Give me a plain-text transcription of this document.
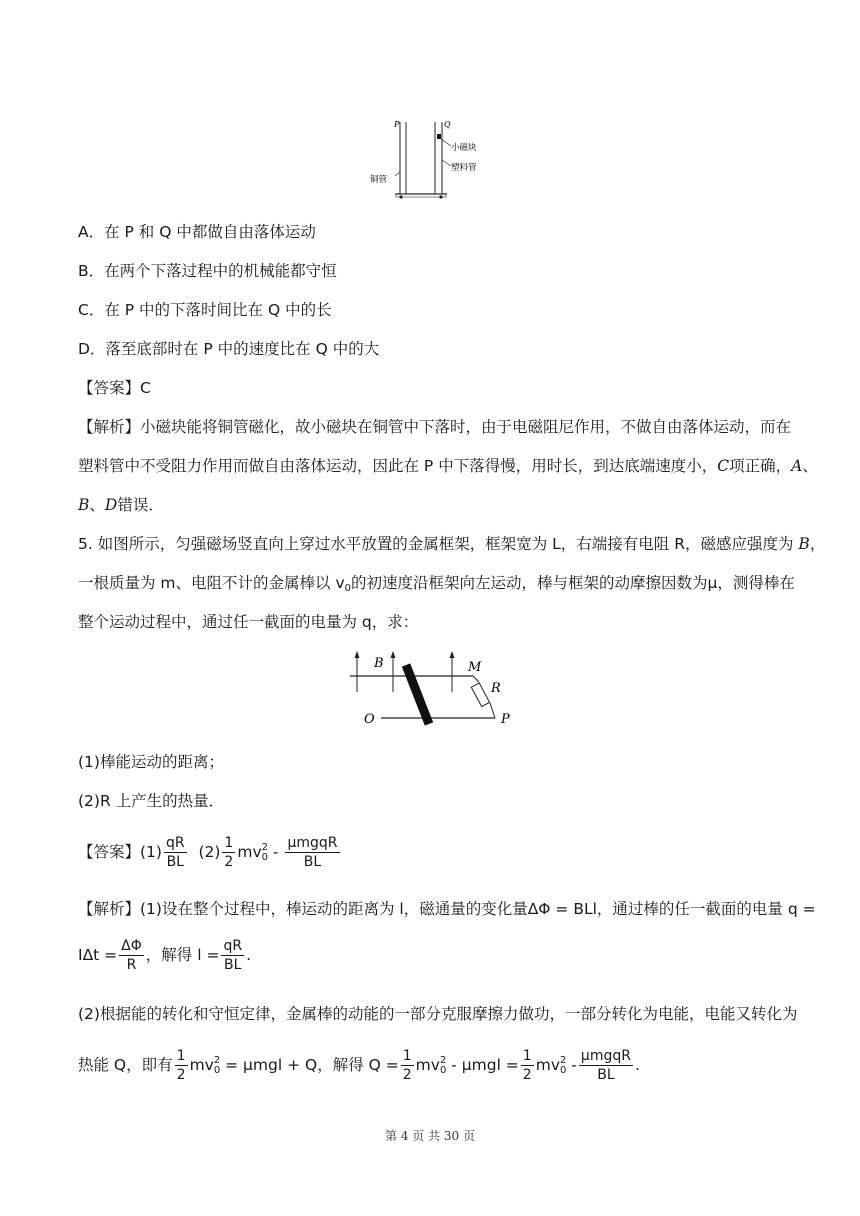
P	Q
小磁块
塑料管
铜管
A．在 P 和 Q 中都做自由落体运动
B．在两个下落过程中的机械能都守恒
C．在 P 中的下落时间比在 Q 中的长
D．落至底部时在 P 中的速度比在 Q 中的大
【答案】C
【解析】小磁块能将铜管磁化，故小磁块在铜管中下落时，由于电磁阻尼作用，不做自由落体运动，而在
塑料管中不受阻力作用而做自由落体运动，因此在 P 中下落得慢，用时长，到达底端速度小，C项正确，A、
B、D错误．
5. 如图所示，匀强磁场竖直向上穿过水平放置的金属框架，框架宽为 L，右端接有电阻 R，磁感应强度为 B，
一根质量为 m、电阻不计的金属棒以 $v_0$的初速度沿框架向左运动，棒与框架的动摩擦因数为μ，测得棒在
整个运动过程中，通过任一截面的电量为 q，求：
B	M
R
O	P
(1)棒能运动的距离；
(2)R 上产生的热量．
【答案】$(1) \frac{qR}{BL} (2) \frac{1}{2}$ mv 2
$0 - \frac{\text{μmgqR}}{BL}$
【解析】(1)设在整个过程中，棒运动的距离为 l，磁通量的变化量ΔΦ = BLl，通过棒的任一截面的电量 q =
$I\Delta t = \frac{\Delta\Phi}{R}$ ，解得 $l = \frac{qR}{BL}$ .
(2)根据能的转化和守恒定律，金属棒的动能的一部分克服摩擦力做功，一部分转化为电能，电能又转化为
热能 Q，即有 $\frac{1}{2}$ mv 2
0 = μmgl + Q，解得 $Q = \frac{1}{2}$ mv 2
$0 - \mu mgl = \frac{1}{2}$ mv 2
$0 - \frac{\text{μmgqR}}{BL}$ .
第 4 页 共 30 页
